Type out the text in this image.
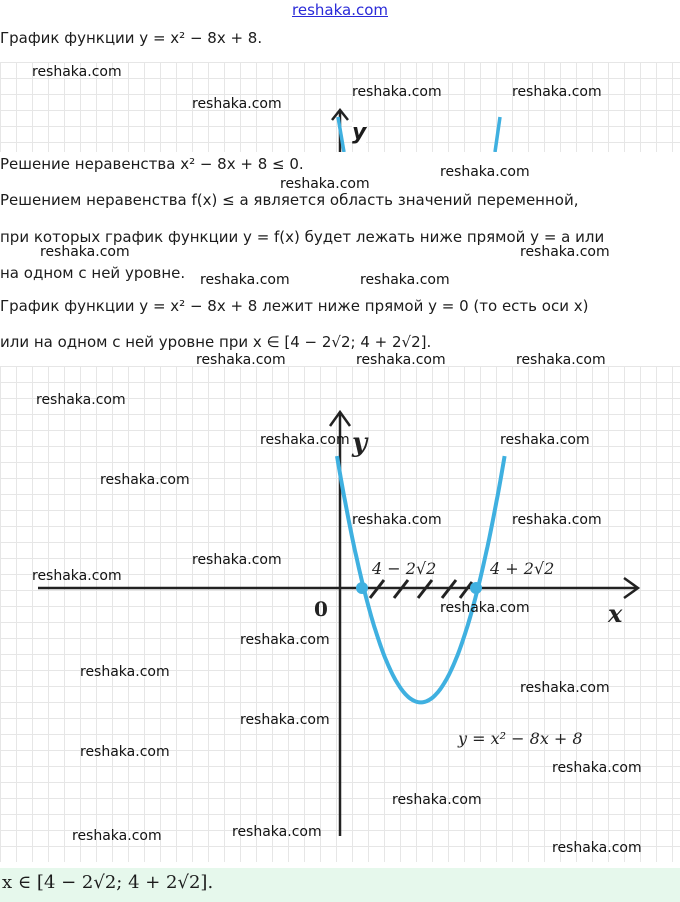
reshaka.com
График функции y = x² − 8x + 8.
y
Решение неравенства x² − 8x + 8 ≤ 0.
Решением неравенства f(x) ≤ a является область значений переменной,
при которых график функции y = f(x) будет лежать ниже прямой y = a или
на одном с ней уровне.
График функции y = x² − 8x + 8 лежит ниже прямой y = 0 (то есть оси x)
или на одном с ней уровне при x ∈ [4 − 2√2; 4 + 2√2].
y
x
0
4 − 2√2	4 + 2√2
y = x² − 8x + 8
x ∈ [4 − 2√2; 4 + 2√2].
reshaka.com
reshaka.com
reshaka.com	reshaka.com
reshaka.com
reshaka.com
reshaka.com	reshaka.com
reshaka.com	reshaka.com
reshaka.com	reshaka.com	reshaka.com
reshaka.com
reshaka.com	reshaka.com
reshaka.com
reshaka.com	reshaka.com
reshaka.com
reshaka.com
reshaka.com
reshaka.com
reshaka.com
reshaka.com
reshaka.com
reshaka.com
reshaka.com
reshaka.com
reshaka.com	reshaka.com
reshaka.com
